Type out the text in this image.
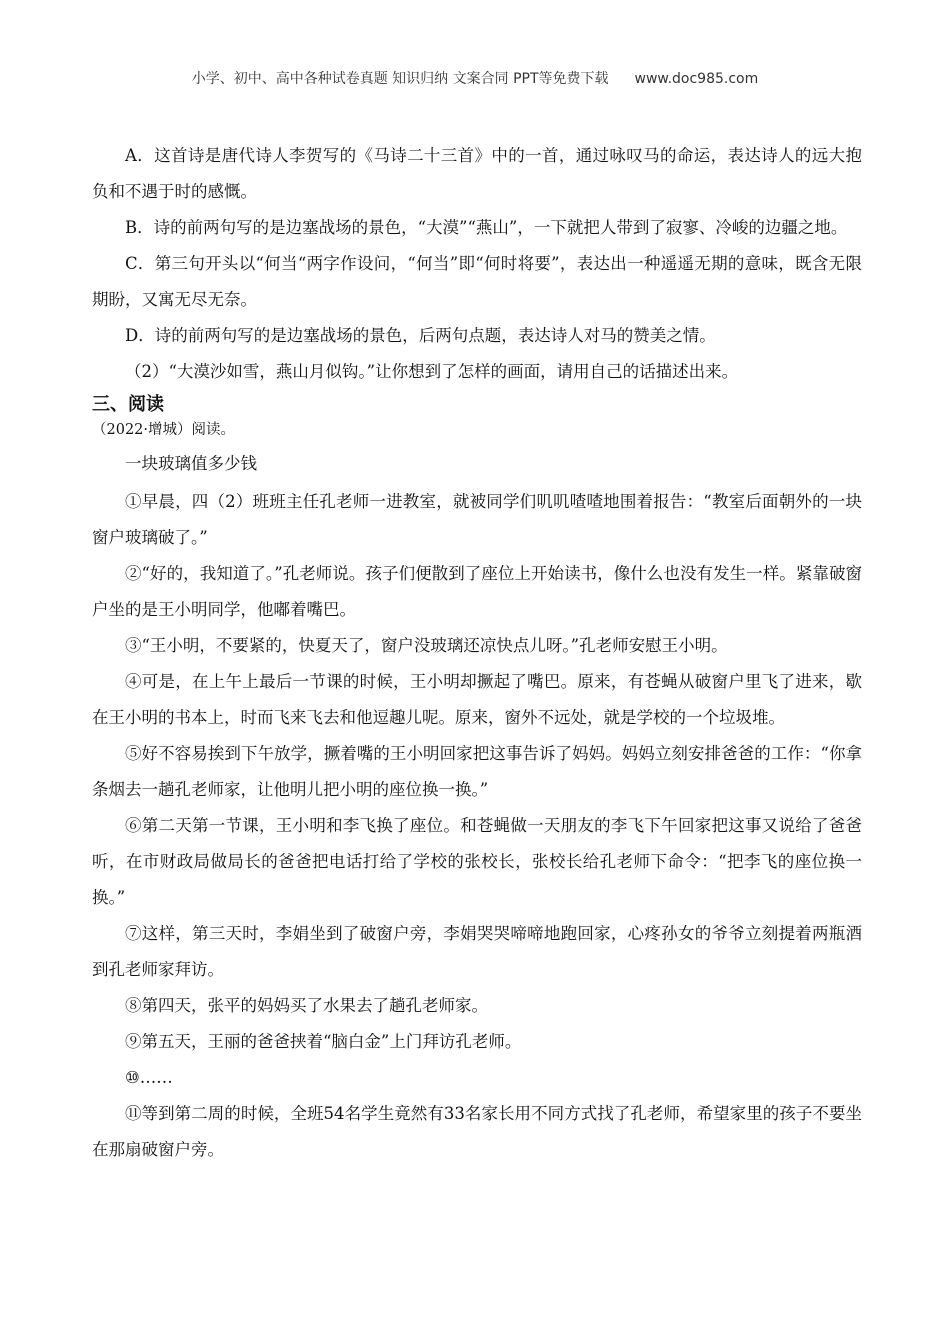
小学、初中、高中各种试卷真题 知识归纳 文案合同 PPT等免费下载 www.doc985.com

A．这首诗是唐代诗人李贺写的《马诗二十三首》中的一首，通过咏叹马的命运，表达诗人的远大抱负和不遇于时的感慨。

B．诗的前两句写的是边塞战场的景色，“大漠”“燕山”，一下就把人带到了寂寥、冷峻的边疆之地。

C．第三句开头以“何当“两字作设问，“何当”即“何时将要”，表达出一种遥遥无期的意味，既含无限期盼，又寓无尽无奈。

D．诗的前两句写的是边塞战场的景色，后两句点题，表达诗人对马的赞美之情。

（2）“大漠沙如雪，燕山月似钩。”让你想到了怎样的画面，请用自己的话描述出来。

三、阅读
（2022·增城）阅读。
一块玻璃值多少钱

①早晨，四（2）班班主任孔老师一进教室，就被同学们叽叽喳喳地围着报告：“教室后面朝外的一块窗户玻璃破了。”

②“好的，我知道了。”孔老师说。孩子们便散到了座位上开始读书，像什么也没有发生一样。紧靠破窗户坐的是王小明同学，他嘟着嘴巴。

③“王小明，不要紧的，快夏天了，窗户没玻璃还凉快点儿呀。”孔老师安慰王小明。

④可是，在上午上最后一节课的时候，王小明却撅起了嘴巴。原来，有苍蝇从破窗户里飞了进来，歇在王小明的书本上，时而飞来飞去和他逗趣儿呢。原来，窗外不远处，就是学校的一个垃圾堆。

⑤好不容易挨到下午放学，撅着嘴的王小明回家把这事告诉了妈妈。妈妈立刻安排爸爸的工作：“你拿条烟去一趟孔老师家，让他明儿把小明的座位换一换。”

⑥第二天第一节课，王小明和李飞换了座位。和苍蝇做一天朋友的李飞下午回家把这事又说给了爸爸听，在市财政局做局长的爸爸把电话打给了学校的张校长，张校长给孔老师下命令：“把李飞的座位换一换。”

⑦这样，第三天时，李娟坐到了破窗户旁，李娟哭哭啼啼地跑回家，心疼孙女的爷爷立刻提着两瓶酒到孔老师家拜访。

⑧第四天，张平的妈妈买了水果去了趟孔老师家。

⑨第五天，王丽的爸爸挟着“脑白金”上门拜访孔老师。

⑩……

⑪等到第二周的时候，全班54名学生竟然有33名家长用不同方式找了孔老师，希望家里的孩子不要坐在那扇破窗户旁。
